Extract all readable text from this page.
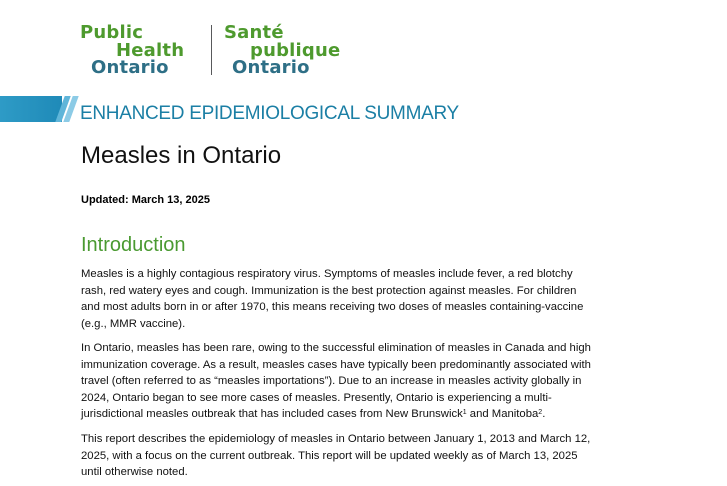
Public
Health
Ontario
Santé
publique
Ontario
ENHANCED EPIDEMIOLOGICAL SUMMARY
Measles in Ontario

Updated: March 13, 2025

Introduction

Measles is a highly contagious respiratory virus. Symptoms of measles include fever, a red blotchy
rash, red watery eyes and cough. Immunization is the best protection against measles. For children
and most adults born in or after 1970, this means receiving two doses of measles containing-vaccine
(e.g., MMR vaccine).

In Ontario, measles has been rare, owing to the successful elimination of measles in Canada and high
immunization coverage. As a result, measles cases have typically been predominantly associated with
travel (often referred to as “measles importations”). Due to an increase in measles activity globally in
2024, Ontario began to see more cases of measles. Presently, Ontario is experiencing a multi-
jurisdictional measles outbreak that has included cases from New Brunswick$^1$ and Manitoba$^2$.

This report describes the epidemiology of measles in Ontario between January 1, 2013 and March 12,
2025, with a focus on the current outbreak. This report will be updated weekly as of March 13, 2025
until otherwise noted.
